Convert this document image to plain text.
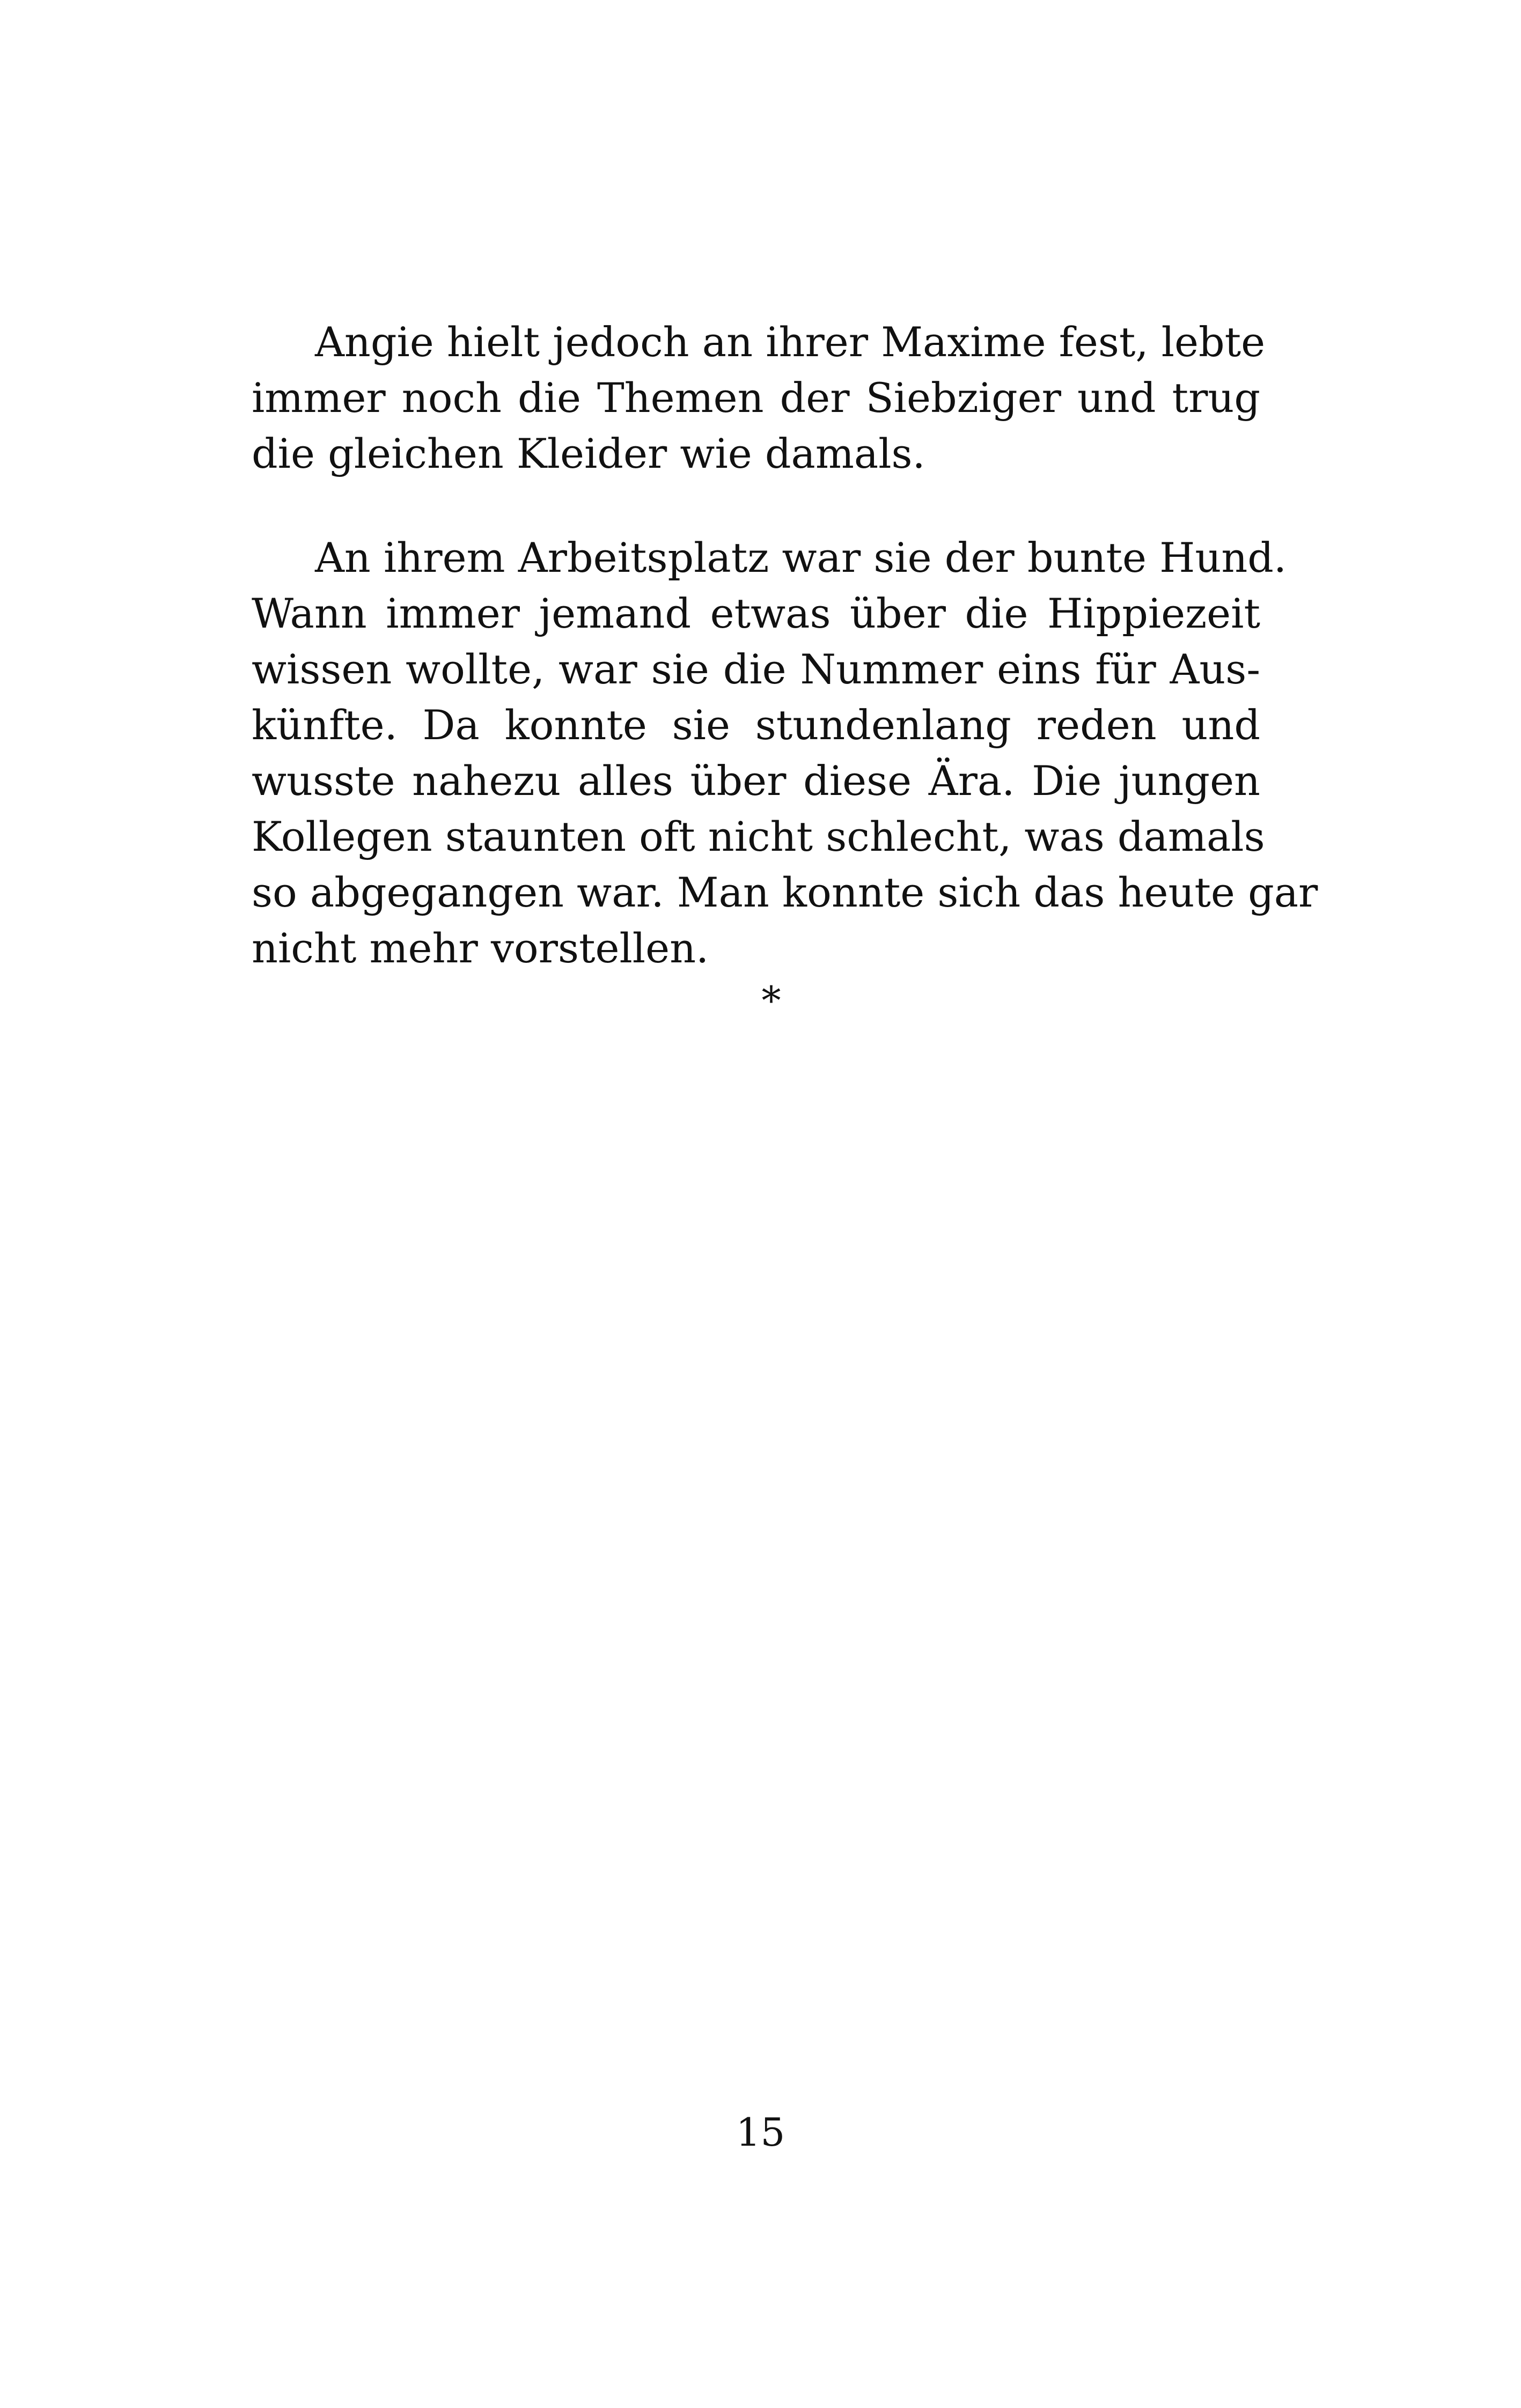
Angie hielt jedoch an ihrer Maxime fest, lebte
immer noch die Themen der Siebziger und trug
die gleichen Kleider wie damals.
An ihrem Arbeitsplatz war sie der bunte Hund.
Wann immer jemand etwas über die Hippiezeit
wissen wollte, war sie die Nummer eins für Aus-
künfte. Da konnte sie stundenlang reden und
wusste nahezu alles über diese Ära. Die jungen
Kollegen staunten oft nicht schlecht, was damals
so abgegangen war. Man konnte sich das heute gar
nicht mehr vorstellen.
*
15
